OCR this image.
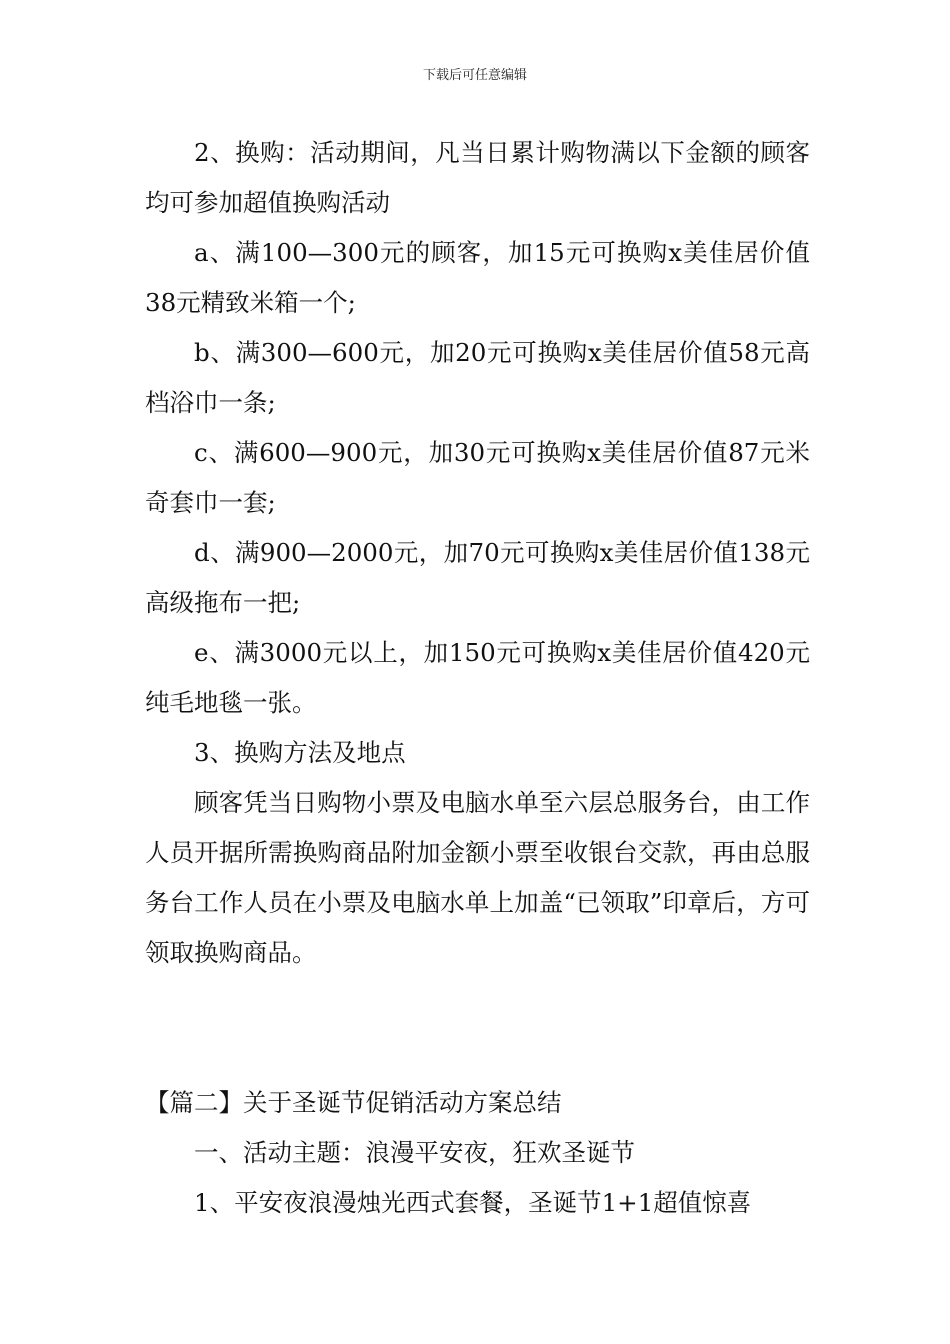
下载后可任意编辑

2、换购：活动期间，凡当日累计购物满以下金额的顾客均可参加超值换购活动

a、满100—300元的顾客，加15元可换购x美佳居价值38元精致米箱一个;

b、满300—600元，加20元可换购x美佳居价值58元高档浴巾一条;

c、满600—900元，加30元可换购x美佳居价值87元米奇套巾一套;

d、满900—2000元，加70元可换购x美佳居价值138元高级拖布一把;

e、满3000元以上，加150元可换购x美佳居价值420元纯毛地毯一张。

3、换购方法及地点

顾客凭当日购物小票及电脑水单至六层总服务台，由工作人员开据所需换购商品附加金额小票至收银台交款，再由总服务台工作人员在小票及电脑水单上加盖“已领取”印章后，方可领取换购商品。

【篇二】关于圣诞节促销活动方案总结

一、活动主题：浪漫平安夜，狂欢圣诞节

1、平安夜浪漫烛光西式套餐，圣诞节1+1超值惊喜
